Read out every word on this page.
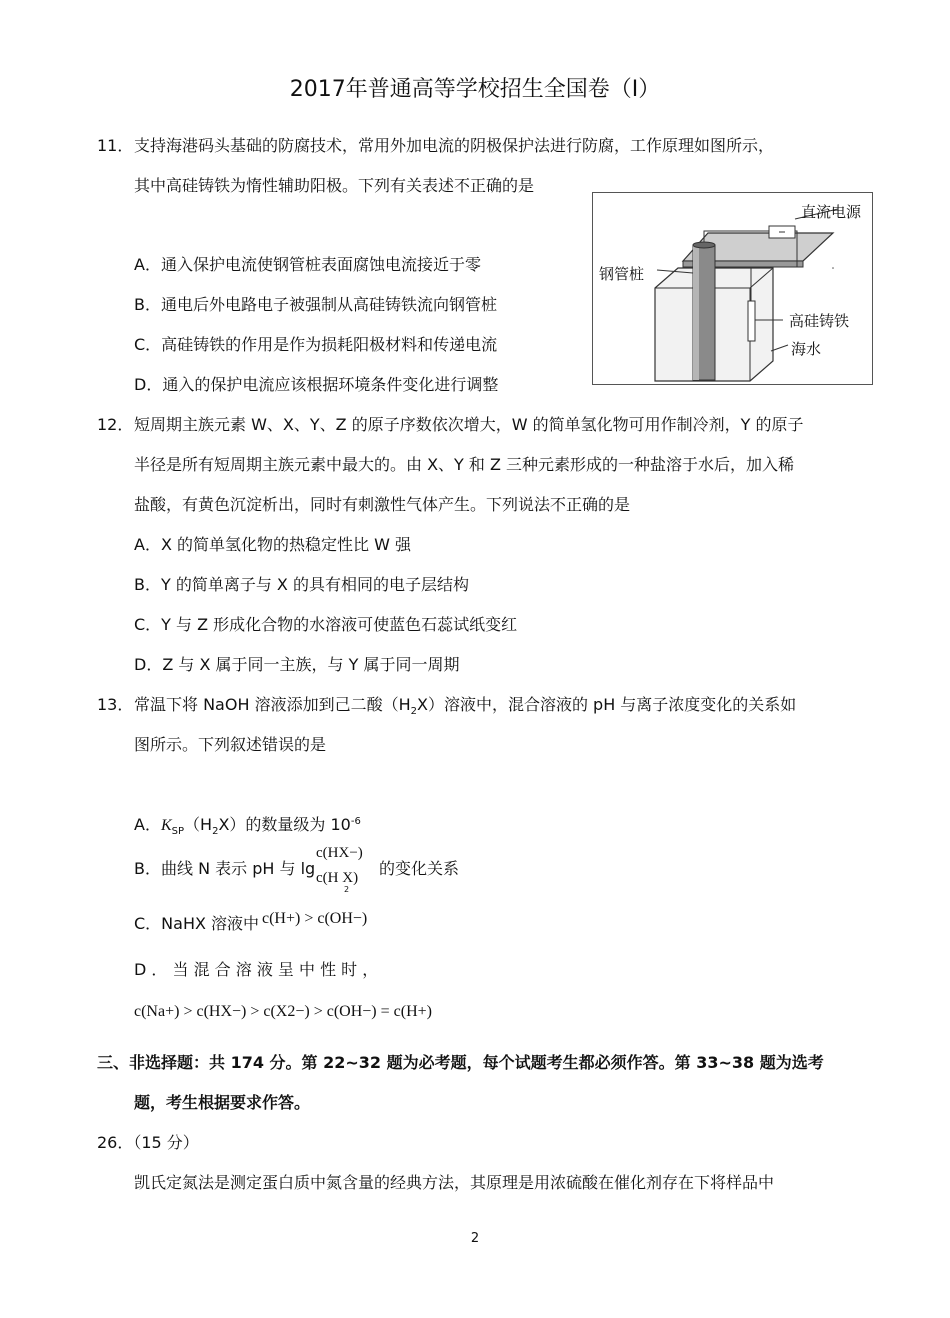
2017年普通高等学校招生全国卷（Ⅰ）
11． 支持海港码头基础的防腐技术，常用外加电流的阴极保护法进行防腐，工作原理如图所示，
其中高硅铸铁为惰性辅助阳极。下列有关表述不正确的是
A．通入保护电流使钢管桩表面腐蚀电流接近于零
B．通电后外电路电子被强制从高硅铸铁流向钢管桩
C．高硅铸铁的作用是作为损耗阳极材料和传递电流
D．通入的保护电流应该根据环境条件变化进行调整
直流电源
钢管桩
高硅铸铁
海水
12． 短周期主族元素 W、X、Y、Z 的原子序数依次增大，W 的简单氢化物可用作制冷剂，Y 的原子
半径是所有短周期主族元素中最大的。由 X、Y 和 Z 三种元素形成的一种盐溶于水后，加入稀
盐酸，有黄色沉淀析出，同时有刺激性气体产生。下列说法不正确的是
A．X 的简单氢化物的热稳定性比 W 强
B．Y 的简单离子与 X 的具有相同的电子层结构
C．Y 与 Z 形成化合物的水溶液可使蓝色石蕊试纸变红
D．Z 与 X 属于同一主族，与 Y 属于同一周期
13． 常温下将 NaOH 溶液添加到己二酸$(H_2X)$溶液中，混合溶液的 pH 与离子浓度变化的关系如
图所示。下列叙述错误的是
A．$K_{SP}(H_2X)$的数量级为 $10^{-6}$
B．曲线 N 表示 pH 与 lg
c(HX−)
c(H X)
2
的变化关系
C．NaHX 溶液中 c(H+) > c(OH−)
D ． 当 混 合 溶 液 呈 中 性 时 ，
c(Na+) > c(HX−) > c(X2−) > c(OH−) = c(H+)
三、非选择题：共 174 分。第 22~32 题为必考题，每个试题考生都必须作答。第 33~38 题为选考
题，考生根据要求作答。
26．（15 分）
凯氏定氮法是测定蛋白质中氮含量的经典方法，其原理是用浓硫酸在催化剂存在下将样品中
2
